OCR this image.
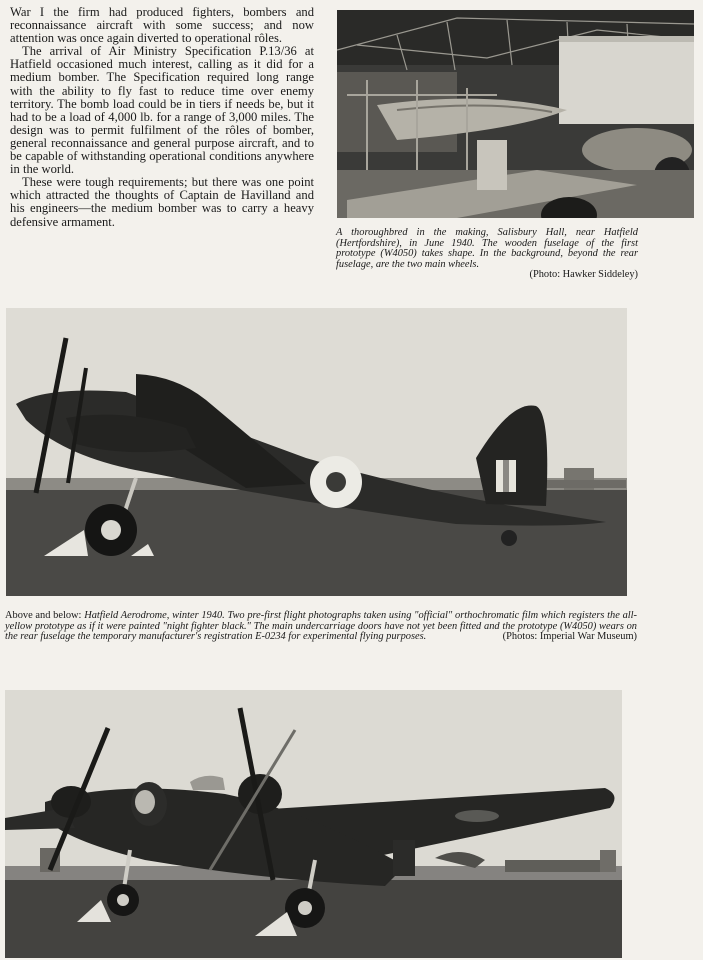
War I the firm had produced fighters, bombers and reconnaissance aircraft with some success; and now attention was once again diverted to operational rôles.

The arrival of Air Ministry Specification P.13/36 at Hatfield occasioned much interest, calling as it did for a medium bomber. The Specification required long range with the ability to fly fast to reduce time over enemy territory. The bomb load could be in tiers if needs be, but it had to be a load of 4,000 lb. for a range of 3,000 miles. The design was to permit fulfilment of the rôles of bomber, general reconnaissance and general purpose aircraft, and to be capable of withstanding operational conditions anywhere in the world.

These were tough requirements; but there was one point which attracted the thoughts of Captain de Havilland and his engineers—the medium bomber was to carry a heavy defensive armament.

A thoroughbred in the making, Salisbury Hall, near Hatfield (Hertfordshire), in June 1940. The wooden fuselage of the first prototype (W4050) takes shape. In the background, beyond the rear fuselage, are the two main wheels.
(Photo: Hawker Siddeley)
Above and below: Hatfield Aerodrome, winter 1940. Two pre-first flight photographs taken using "official" orthochromatic film which registers the all-yellow prototype as if it were painted "night fighter black." The main undercarriage doors have not yet been fitted and the prototype (W4050) wears on the rear fuselage the temporary manufacturer's registration E-0234 for experimental flying purposes.	(Photos: Imperial War Museum)
